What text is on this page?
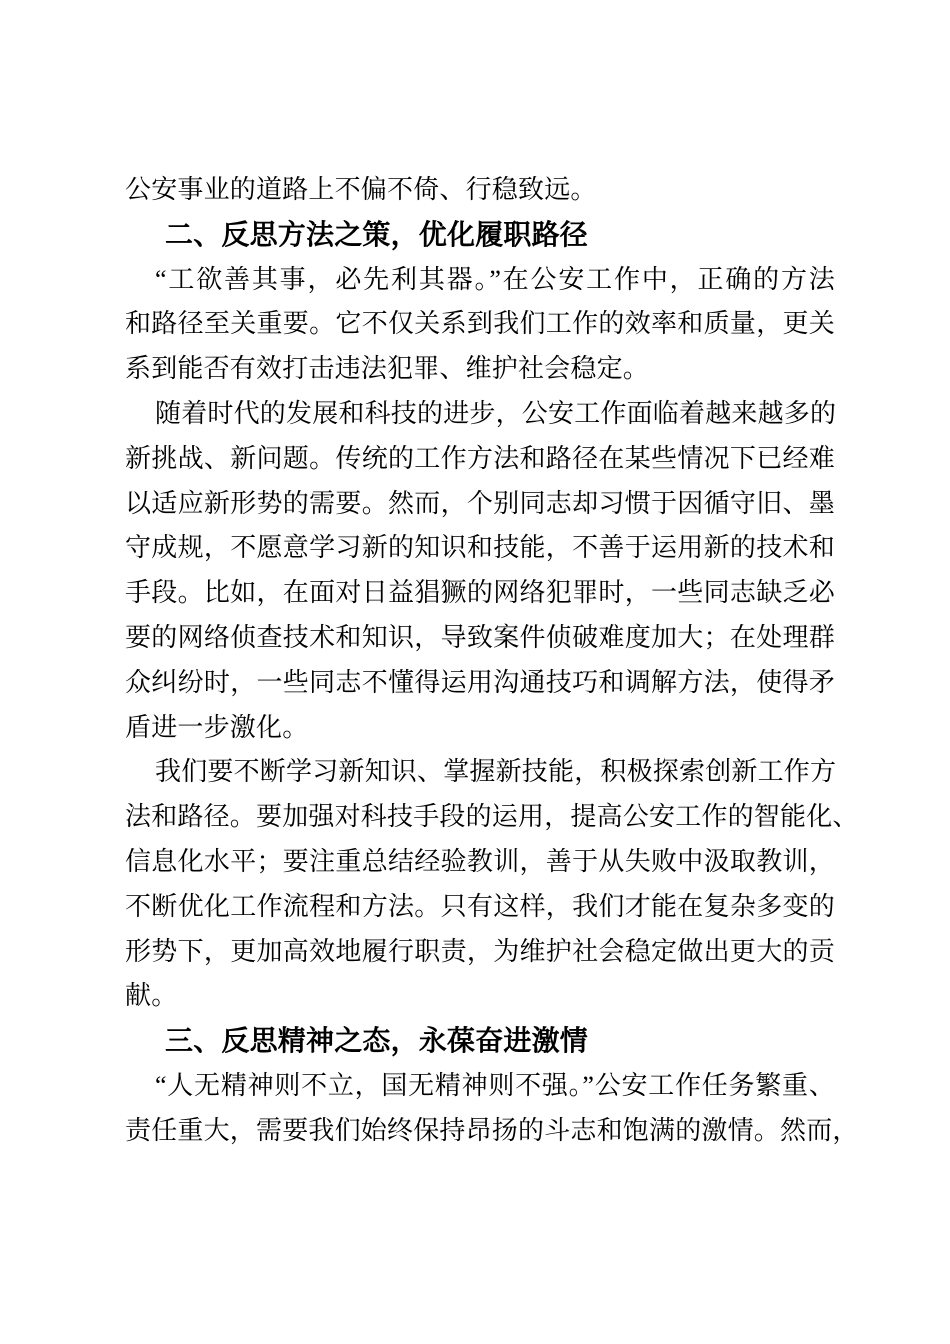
公安事业的道路上不偏不倚、行稳致远。
二、反思方法之策，优化履职路径
“工欲善其事，必先利其器。”在公安工作中，正确的方法
和路径至关重要。它不仅关系到我们工作的效率和质量，更关
系到能否有效打击违法犯罪、维护社会稳定。
随着时代的发展和科技的进步，公安工作面临着越来越多的
新挑战、新问题。传统的工作方法和路径在某些情况下已经难
以适应新形势的需要。然而，个别同志却习惯于因循守旧、墨
守成规，不愿意学习新的知识和技能，不善于运用新的技术和
手段。比如，在面对日益猖獗的网络犯罪时，一些同志缺乏必
要的网络侦查技术和知识，导致案件侦破难度加大；在处理群
众纠纷时，一些同志不懂得运用沟通技巧和调解方法，使得矛
盾进一步激化。
我们要不断学习新知识、掌握新技能，积极探索创新工作方
法和路径。要加强对科技手段的运用，提高公安工作的智能化、
信息化水平；要注重总结经验教训，善于从失败中汲取教训，
不断优化工作流程和方法。只有这样，我们才能在复杂多变的
形势下，更加高效地履行职责，为维护社会稳定做出更大的贡
献。
三、反思精神之态，永葆奋进激情
“人无精神则不立，国无精神则不强。”公安工作任务繁重、
责任重大，需要我们始终保持昂扬的斗志和饱满的激情。然而，
